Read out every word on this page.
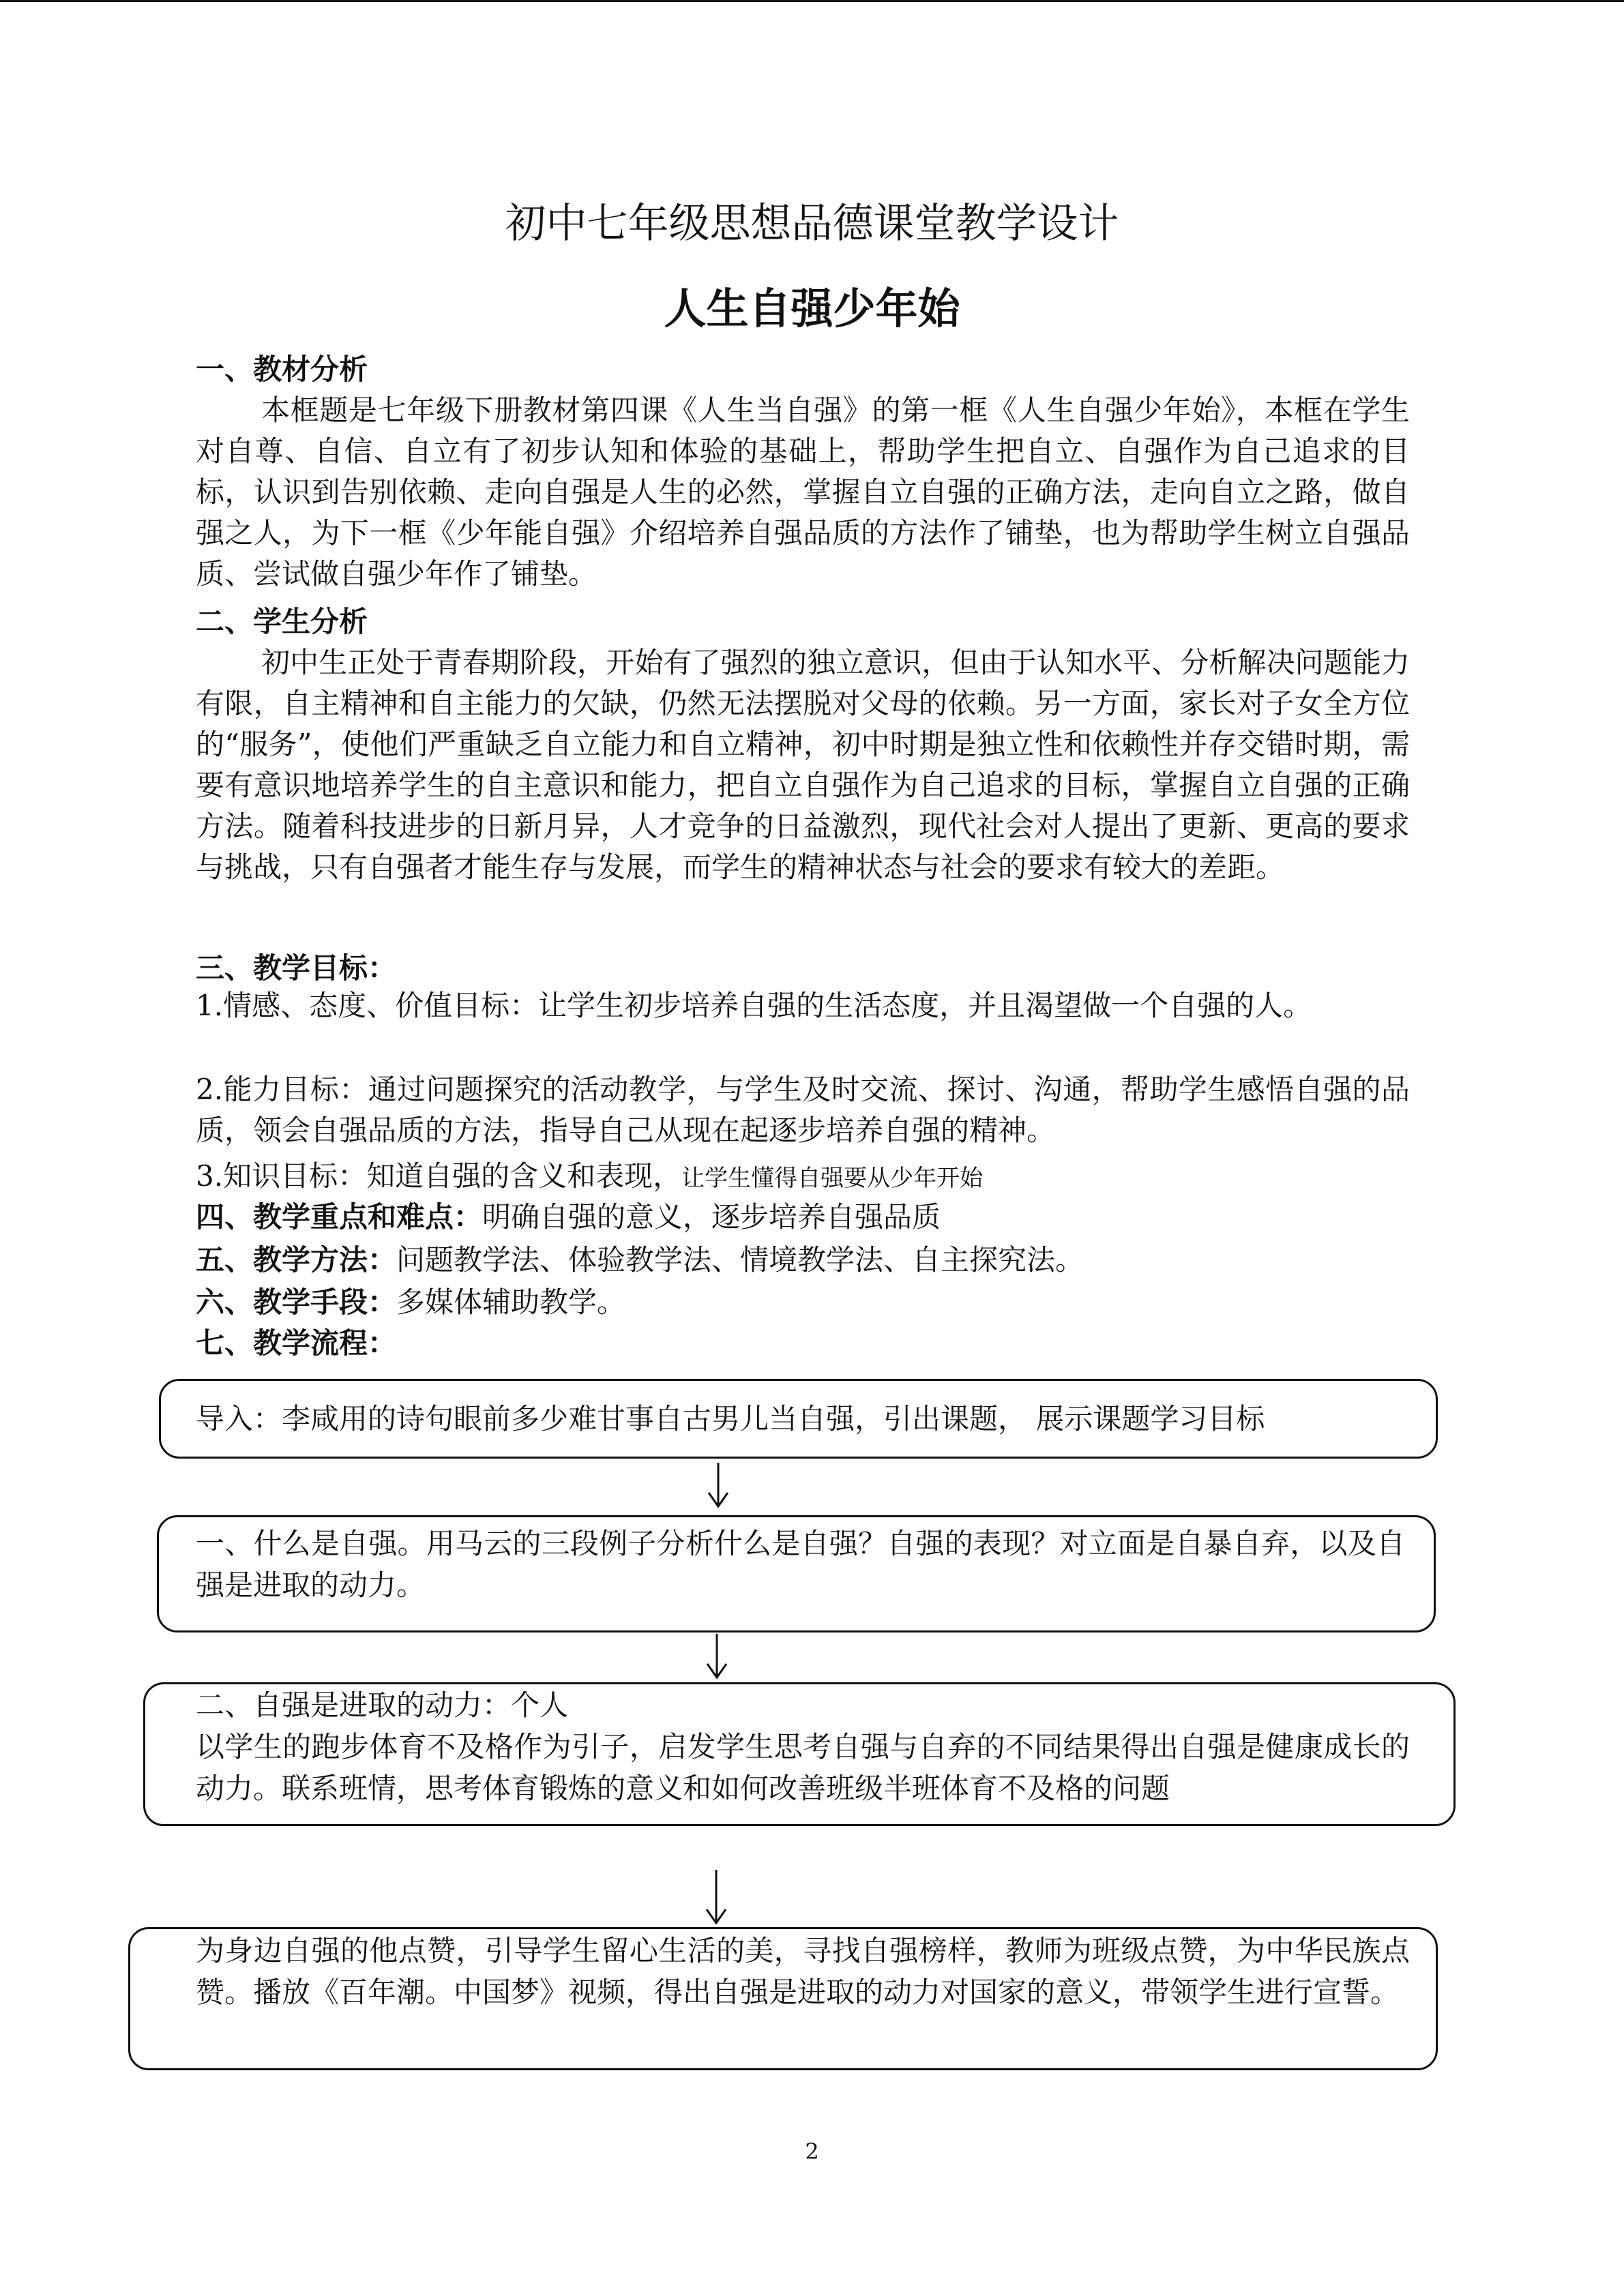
初中七年级思想品德课堂教学设计
人生自强少年始
一、教材分析

本框题是七年级下册教材第四课《人生当自强》的第一框《人生自强少年始》，本框在学生对自尊、自信、自立有了初步认知和体验的基础上，帮助学生把自立、自强作为自己追求的目标，认识到告别依赖、走向自强是人生的必然，掌握自立自强的正确方法，走向自立之路，做自强之人，为下一框《少年能自强》介绍培养自强品质的方法作了铺垫，也为帮助学生树立自强品质、尝试做自强少年作了铺垫。

二、学生分析

初中生正处于青春期阶段，开始有了强烈的独立意识，但由于认知水平、分析解决问题能力有限，自主精神和自主能力的欠缺，仍然无法摆脱对父母的依赖。另一方面，家长对子女全方位的“服务”，使他们严重缺乏自立能力和自立精神，初中时期是独立性和依赖性并存交错时期，需要有意识地培养学生的自主意识和能力，把自立自强作为自己追求的目标，掌握自立自强的正确方法。随着科技进步的日新月异，人才竞争的日益激烈，现代社会对人提出了更新、更高的要求与挑战，只有自强者才能生存与发展，而学生的精神状态与社会的要求有较大的差距。

三、教学目标：

1.情感、态度、价值目标：让学生初步培养自强的生活态度，并且渴望做一个自强的人。

2.能力目标：通过问题探究的活动教学，与学生及时交流、探讨、沟通，帮助学生感悟自强的品质，领会自强品质的方法，指导自己从现在起逐步培养自强的精神。

3.知识目标：知道自强的含义和表现，让学生懂得自强要从少年开始
四、教学重点和难点：明确自强的意义，逐步培养自强品质
五、教学方法：问题教学法、体验教学法、情境教学法、自主探究法。
六、教学手段：多媒体辅助教学。
七、教学流程：

导入：李咸用的诗句眼前多少难甘事自古男儿当自强，引出课题， 展示课题学习目标

一、什么是自强。用马云的三段例子分析什么是自强？自强的表现？对立面是自暴自弃，以及自强是进取的动力。

二、自强是进取的动力：个人

以学生的跑步体育不及格作为引子，启发学生思考自强与自弃的不同结果得出自强是健康成长的动力。联系班情，思考体育锻炼的意义和如何改善班级半班体育不及格的问题

为身边自强的他点赞，引导学生留心生活的美，寻找自强榜样，教师为班级点赞，为中华民族点赞。播放《百年潮。中国梦》视频，得出自强是进取的动力对国家的意义，带领学生进行宣誓。

2
